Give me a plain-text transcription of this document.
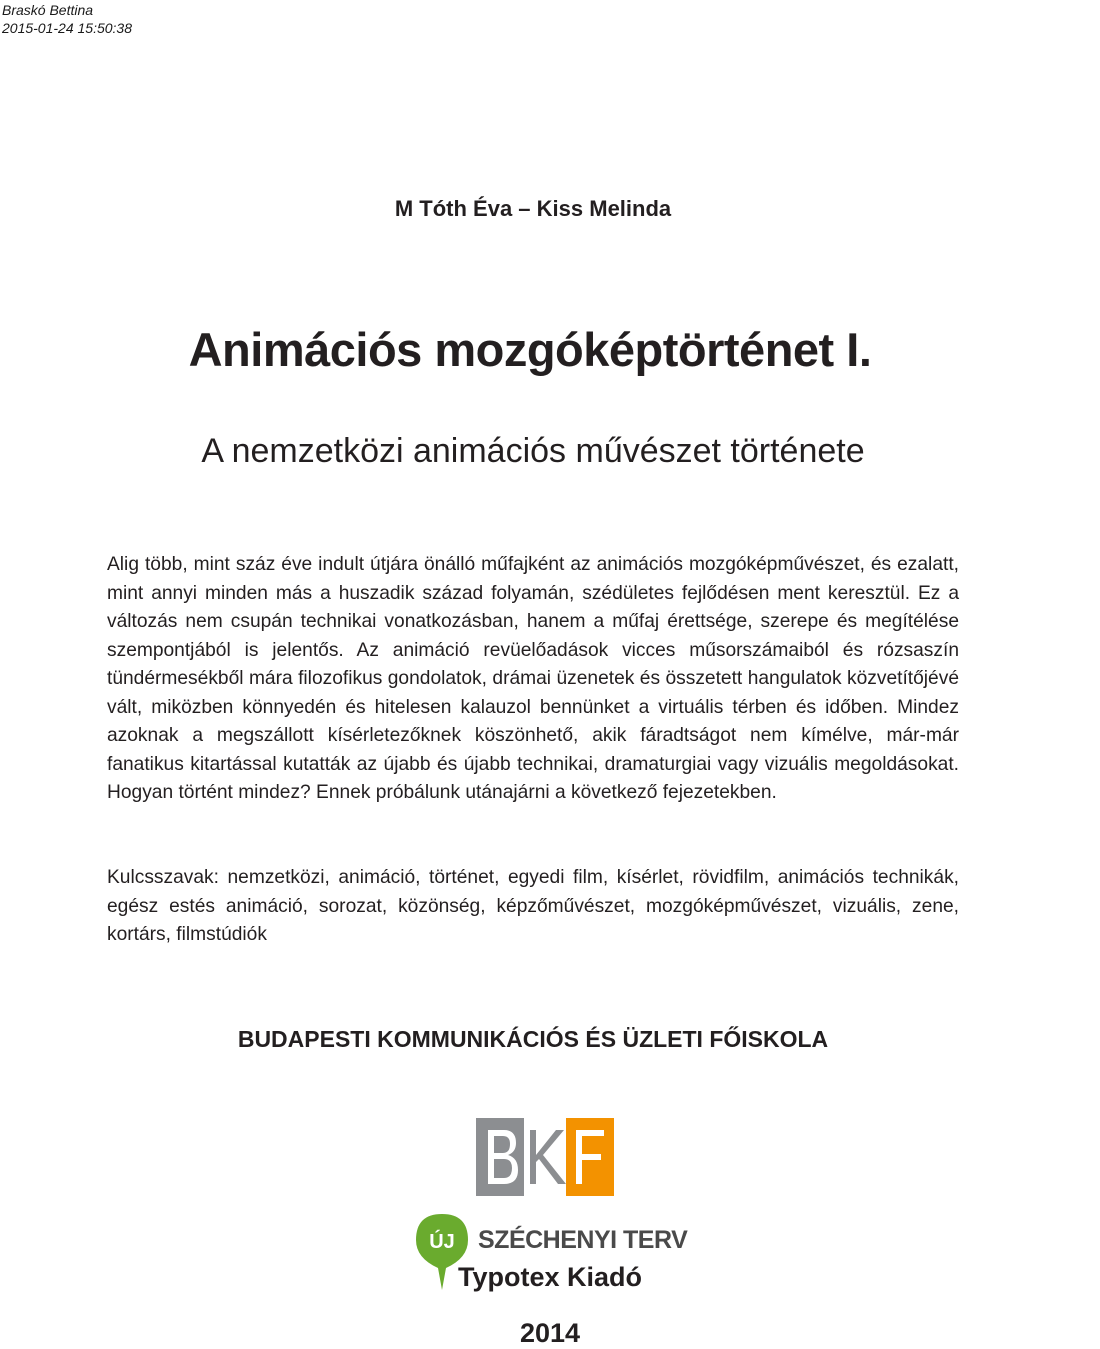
Braskó Bettina
2015-01-24 15:50:38
M Tóth Éva – Kiss Melinda
Animációs mozgóképtörténet I.
A nemzetközi animációs művészet története

Alig több, mint száz éve indult útjára önálló műfajként az animációs mozgóképművészet, és ezalatt, mint annyi minden más a huszadik század folyamán, szédületes fejlődésen ment keresztül. Ez a változás nem csupán technikai vonatkozásban, hanem a műfaj érettsége, szerepe és megítélése szempontjából is jelentős. Az animáció revüelőadások vicces műsorszámaiból és rózsaszín tündérmesékből mára filozofikus gondolatok, drámai üzenetek és összetett hangulatok közvetítőjévé vált, miközben könnyedén és hitelesen kalauzol bennünket a virtuális térben és időben. Mindez azoknak a megszállott kísérletezőknek köszönhető, akik fáradtságot nem kímélve, már-már fanatikus kitartással kutatták az újabb és újabb technikai, dramaturgiai vagy vizuális megoldásokat. Hogyan történt mindez? Ennek próbálunk utánajárni a következő fejezetekben.

Kulcsszavak: nemzetközi, animáció, történet, egyedi film, kísérlet, rövidfilm, animációs technikák, egész estés animáció, sorozat, közönség, képzőművészet, mozgóképművészet, vizuális, zene, kortárs, filmstúdiók

BUDAPESTI KOMMUNIKÁCIÓS ÉS ÜZLETI FŐISKOLA
ÚJ SZÉCHENYI TERV
Typotex Kiadó
2014
